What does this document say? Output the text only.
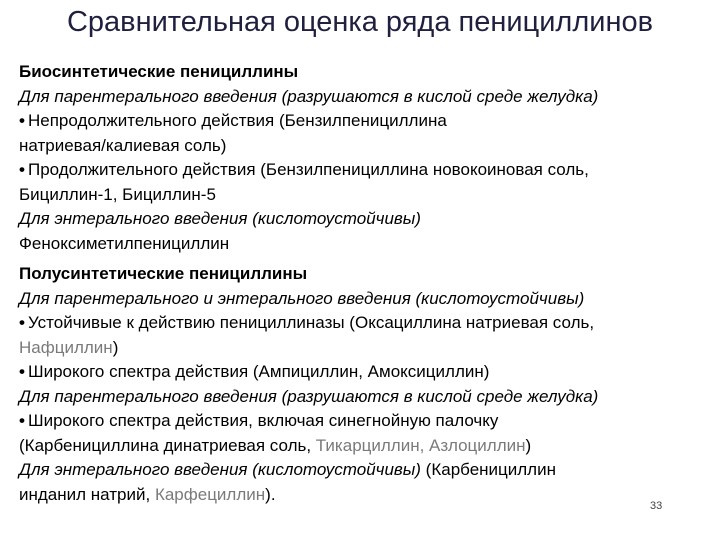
Сравнительная оценка ряда пенициллинов
Биосинтетические пенициллины
Для парентерального введения (разрушаются в кислой среде желудка)
• Непродолжительного действия (Бензилпенициллина
натриевая/калиевая соль)
• Продолжительного действия (Бензилпенициллина новокоиновая соль,
Бициллин-1, Бициллин-5
Для энтерального введения (кислотоустойчивы)
Феноксиметилпенициллин
Полусинтетические пенициллины
Для парентерального и энтерального введения (кислотоустойчивы)
• Устойчивые к действию пенициллиназы (Оксациллина натриевая соль,
Нафциллин)
• Широкого спектра действия (Ампициллин, Амоксициллин)
Для парентерального введения (разрушаются в кислой среде желудка)
• Широкого спектра действия, включая синегнойную палочку
(Карбенициллина динатриевая соль, Тикарциллин, Азлоциллин)
Для энтерального введения (кислотоустойчивы) (Карбенициллин
инданил натрий, Карфециллин).
33
